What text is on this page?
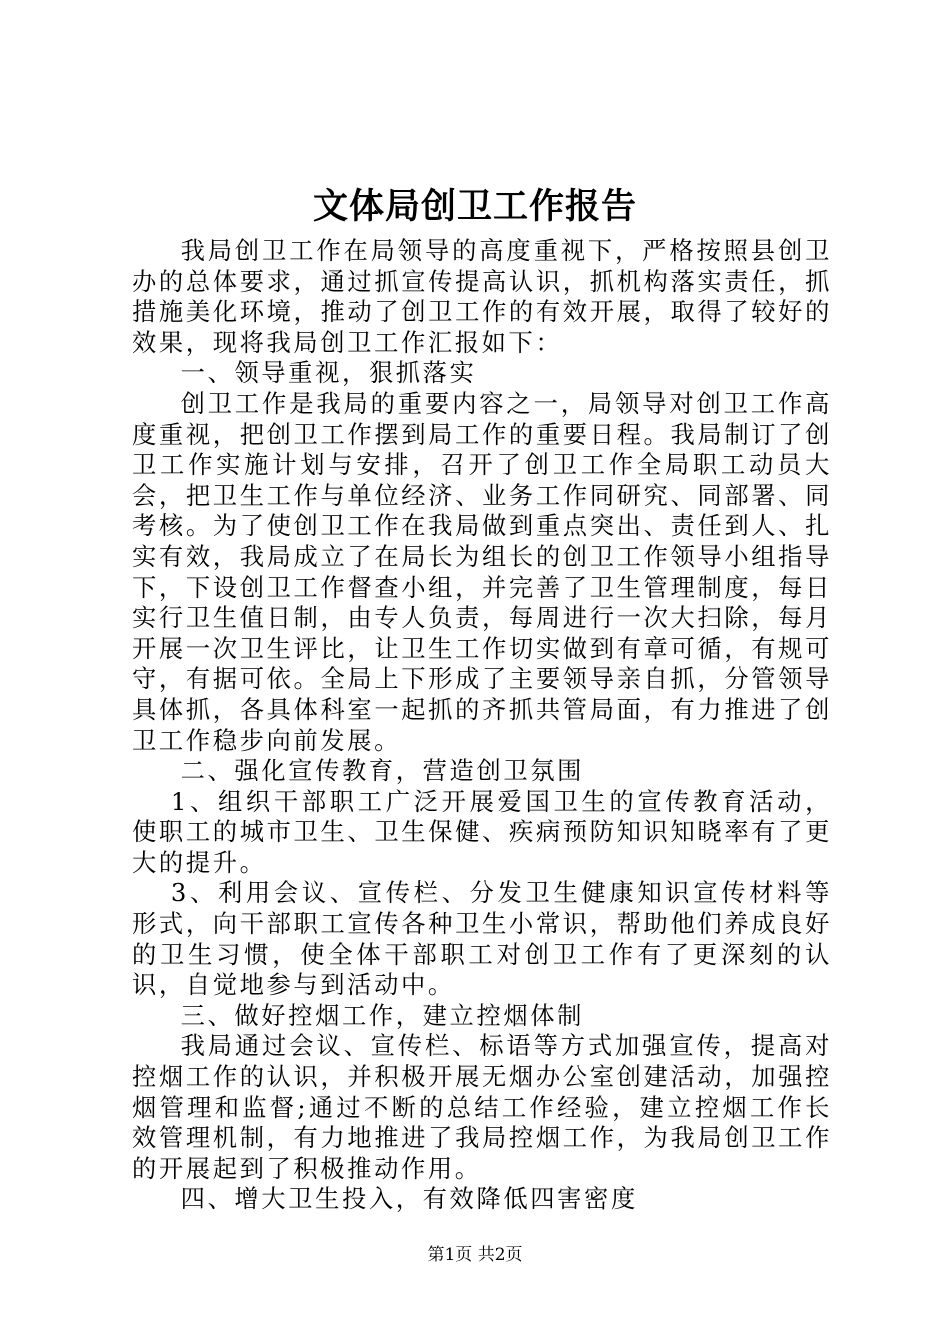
文体局创卫工作报告

我局创卫工作在局领导的高度重视下，严格按照县创卫办的总体要求，通过抓宣传提高认识，抓机构落实责任，抓措施美化环境，推动了创卫工作的有效开展，取得了较好的效果，现将我局创卫工作汇报如下：

一、领导重视，狠抓落实

创卫工作是我局的重要内容之一，局领导对创卫工作高度重视，把创卫工作摆到局工作的重要日程。我局制订了创卫工作实施计划与安排，召开了创卫工作全局职工动员大会，把卫生工作与单位经济、业务工作同研究、同部署、同考核。为了使创卫工作在我局做到重点突出、责任到人、扎实有效，我局成立了在局长为组长的创卫工作领导小组指导下，下设创卫工作督查小组，并完善了卫生管理制度，每日实行卫生值日制，由专人负责，每周进行一次大扫除，每月开展一次卫生评比，让卫生工作切实做到有章可循，有规可守，有据可依。全局上下形成了主要领导亲自抓，分管领导具体抓，各具体科室一起抓的齐抓共管局面，有力推进了创卫工作稳步向前发展。

二、强化宣传教育，营造创卫氛围

1、组织干部职工广泛开展爱国卫生的宣传教育活动，使职工的城市卫生、卫生保健、疾病预防知识知晓率有了更大的提升。

3、利用会议、宣传栏、分发卫生健康知识宣传材料等形式，向干部职工宣传各种卫生小常识，帮助他们养成良好的卫生习惯，使全体干部职工对创卫工作有了更深刻的认识，自觉地参与到活动中。

三、做好控烟工作，建立控烟体制

我局通过会议、宣传栏、标语等方式加强宣传，提高对控烟工作的认识，并积极开展无烟办公室创建活动，加强控烟管理和监督;通过不断的总结工作经验，建立控烟工作长效管理机制，有力地推进了我局控烟工作，为我局创卫工作的开展起到了积极推动作用。

四、增大卫生投入，有效降低四害密度

第1页 共2页
